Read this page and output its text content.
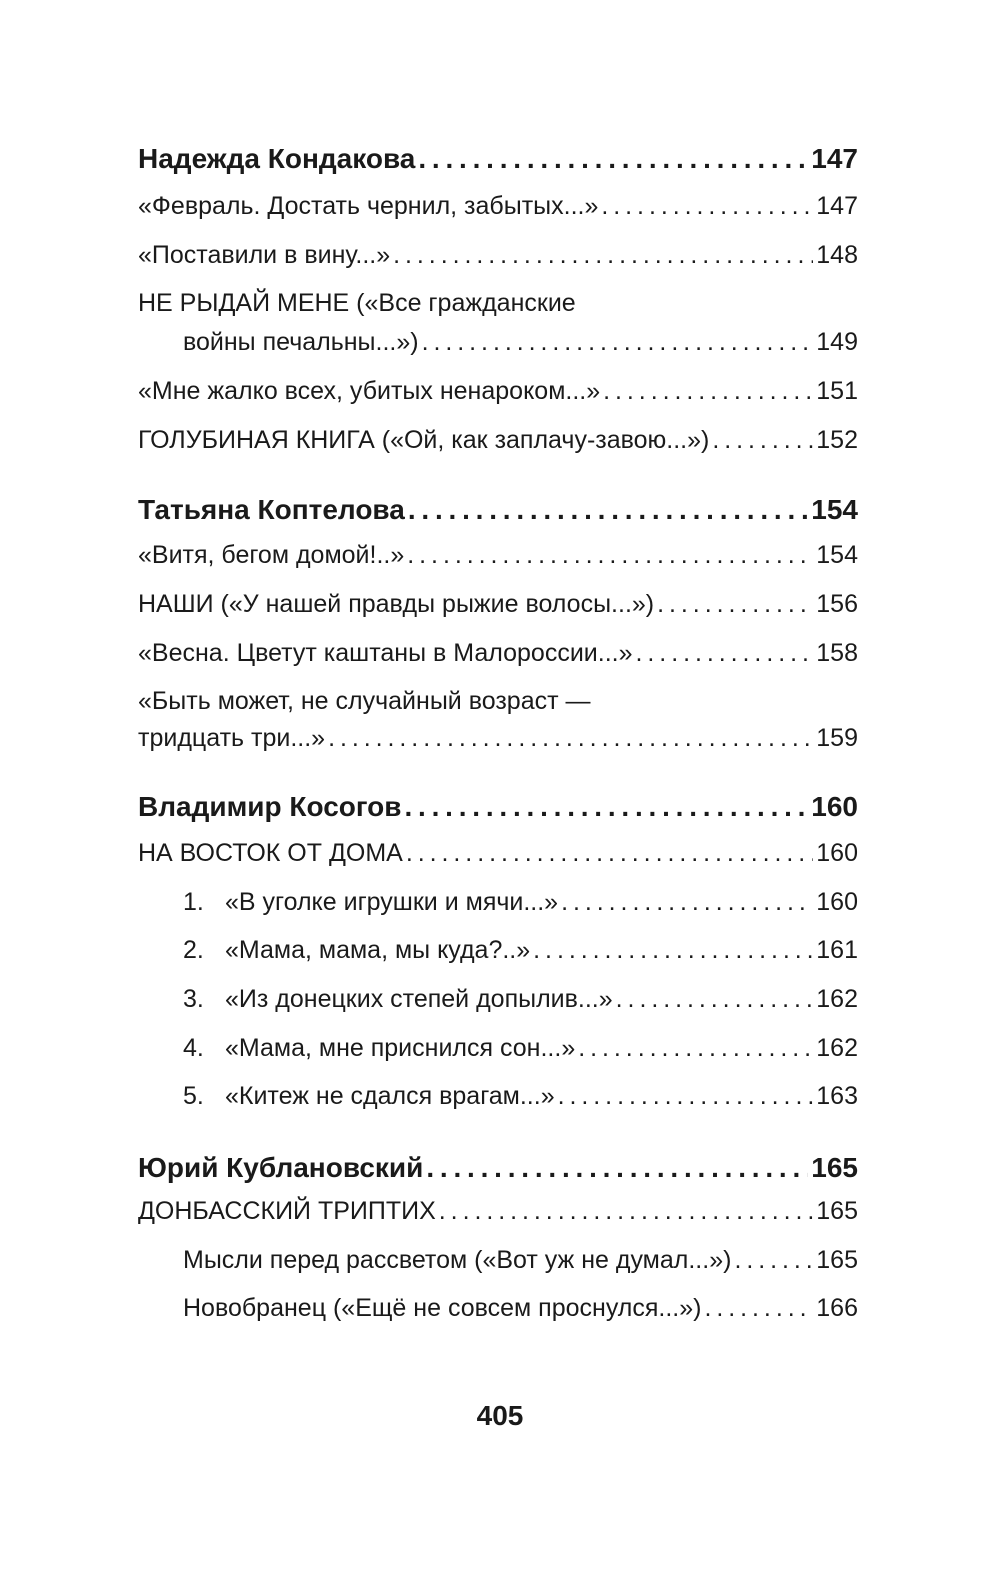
Надежда Кондакова . . .	147
«Февраль. Достать чернил, забытых...» . . .	147
«Поставили в вину...» . . .	148
НЕ РЫДАЙ МЕНЕ («Все гражданские
войны печальны...») . . .	149
«Мне жалко всех, убитых ненароком...» . . .	151
ГОЛУБИНАЯ КНИГА («Ой, как заплачу-завою...») . . .	152
Татьяна Коптелова . . .	154
«Витя, бегом домой!..» . . .	154
НАШИ («У нашей правды рыжие волосы...») . . .	156
«Весна. Цветут каштаны в Малороссии...» . . .	158
«Быть может, не случайный возраст —
тридцать три...» . . .	159
Владимир Косогов . . .	160
НА ВОСТОК ОТ ДОМА . . .	160
1. «В уголке игрушки и мячи...» . . .	160
2. «Мама, мама, мы куда?..» . . .	161
3. «Из донецких степей допылив...» . . .	162
4. «Мама, мне приснился сон...» . . .	162
5. «Китеж не сдался врагам...» . . .	163
Юрий Кублановский . . .	165
ДОНБАССКИЙ ТРИПТИХ . . .	165
Мысли перед рассветом («Вот уж не думал...») . . .	165
Новобранец («Ещё не совсем проснулся...») . . .	166
405
